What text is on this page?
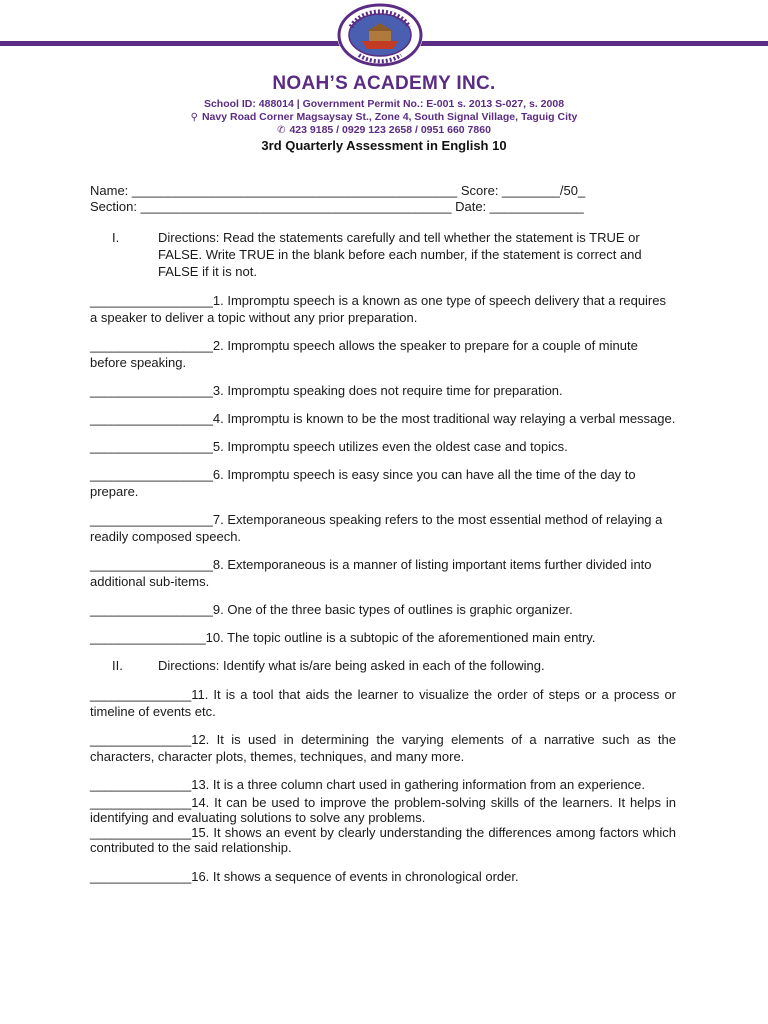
NOAH’S ACADEMY INC.
School ID: 488014 | Government Permit No.: E-001 s. 2013 S-027, s. 2008
⚲ Navy Road Corner Magsaysay St., Zone 4, South Signal Village, Taguig City
✆ 423 9185 / 0929 123 2658 / 0951 660 7860
3rd Quarterly Assessment in English 10
Name: _____________________________________________ Score: ________/50_
Section: ___________________________________________ Date: _____________
I.	Directions: Read the statements carefully and tell whether the statement is TRUE or FALSE. Write TRUE in the blank before each number, if the statement is correct and FALSE if it is not.
_________________1. Impromptu speech is a known as one type of speech delivery that a requires a speaker to deliver a topic without any prior preparation.
_________________2. Impromptu speech allows the speaker to prepare for a couple of minute before speaking.
_________________3. Impromptu speaking does not require time for preparation.
_________________4. Impromptu is known to be the most traditional way relaying a verbal message.
_________________5. Impromptu speech utilizes even the oldest case and topics.
_________________6. Impromptu speech is easy since you can have all the time of the day to prepare.
_________________7. Extemporaneous speaking refers to the most essential method of relaying a readily composed speech.
_________________8. Extemporaneous is a manner of listing important items further divided into additional sub-items.
_________________9. One of the three basic types of outlines is graphic organizer.
________________10. The topic outline is a subtopic of the aforementioned main entry.
II.	Directions: Identify what is/are being asked in each of the following.
______________11. It is a tool that aids the learner to visualize the order of steps or a process or timeline of events etc.
______________12. It is used in determining the varying elements of a narrative such as the characters, character plots, themes, techniques, and many more.
______________13. It is a three column chart used in gathering information from an experience.
______________14. It can be used to improve the problem-solving skills of the learners. It helps in identifying and evaluating solutions to solve any problems.
______________15. It shows an event by clearly understanding the differences among factors which contributed to the said relationship.
______________16. It shows a sequence of events in chronological order.
